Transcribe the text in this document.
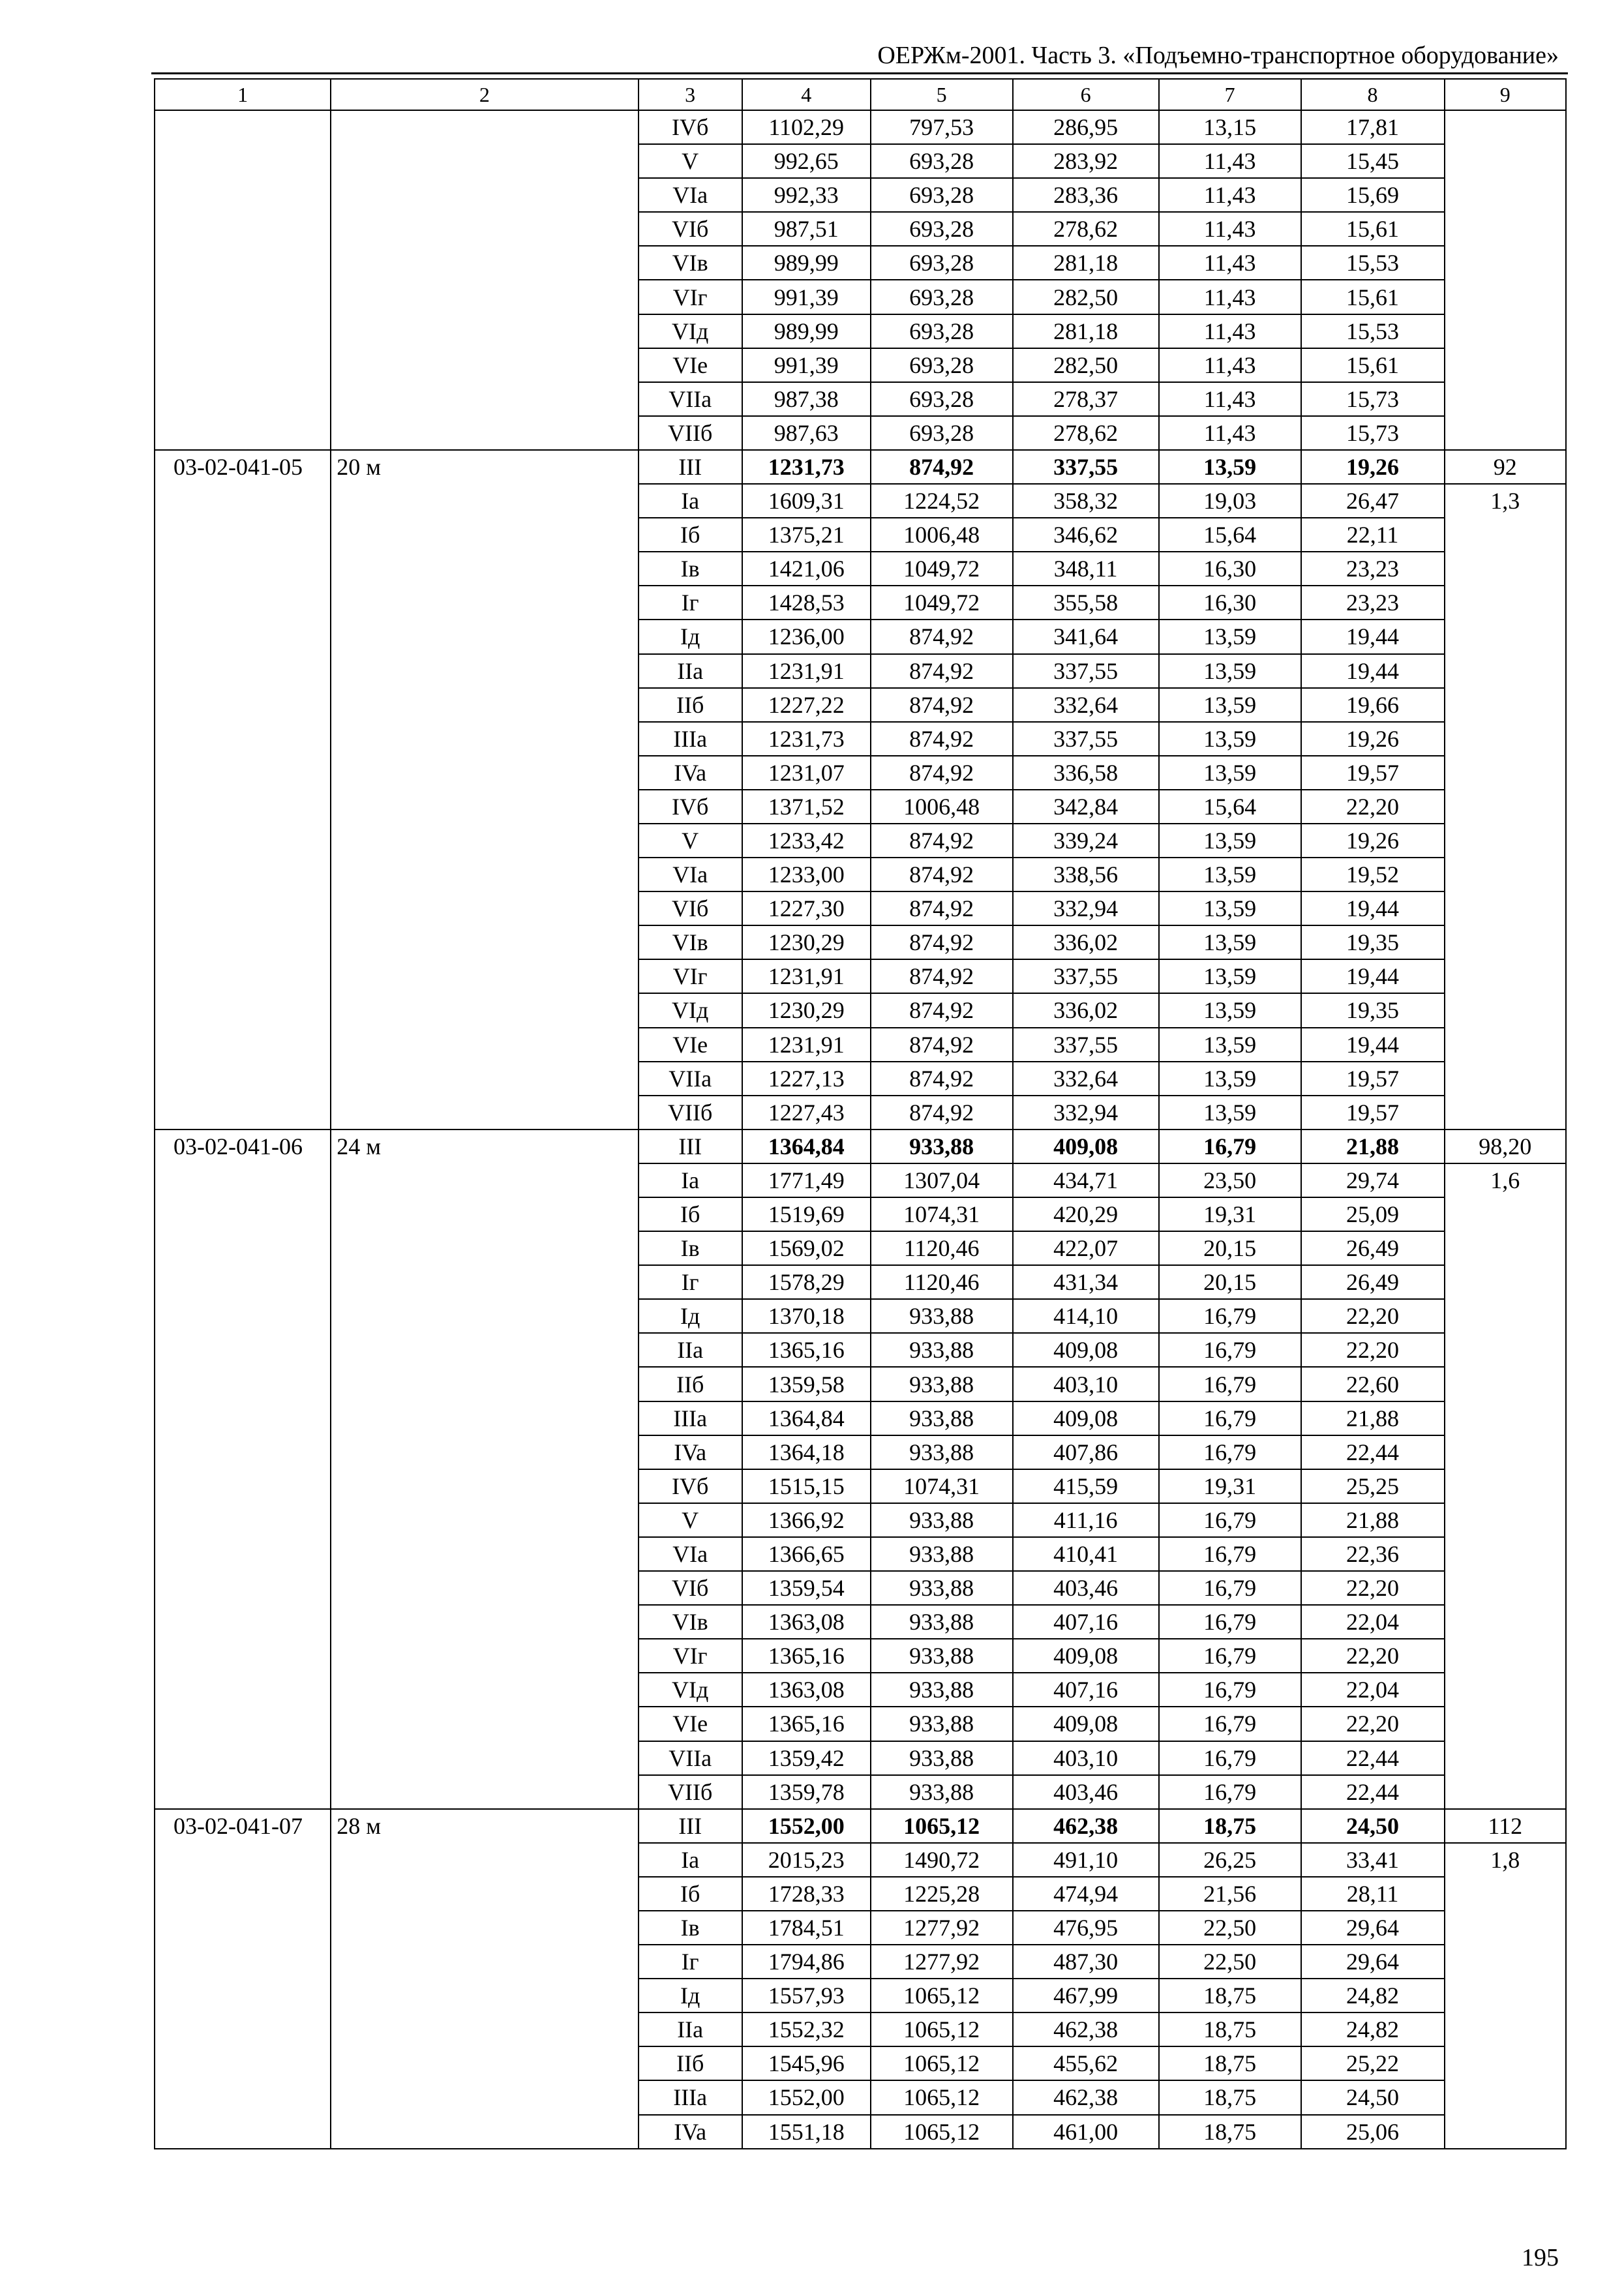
ОЕРЖм-2001. Часть 3. «Подъемно-транспортное оборудование»
1	2	3	4	5	6	7	8	9
		IVб	1102,29	797,53	286,95	13,15	17,81	
		V	992,65	693,28	283,92	11,43	15,45	
		VIa	992,33	693,28	283,36	11,43	15,69	
		VIб	987,51	693,28	278,62	11,43	15,61	
		VIв	989,99	693,28	281,18	11,43	15,53	
		VIг	991,39	693,28	282,50	11,43	15,61	
		VIд	989,99	693,28	281,18	11,43	15,53	
		VIe	991,39	693,28	282,50	11,43	15,61	
		VIIa	987,38	693,28	278,37	11,43	15,73	
		VIIб	987,63	693,28	278,62	11,43	15,73	
03-02-041-05	20 м	III	1231,73	874,92	337,55	13,59	19,26	92
		Ia	1609,31	1224,52	358,32	19,03	26,47	1,3
		Iб	1375,21	1006,48	346,62	15,64	22,11	
		Iв	1421,06	1049,72	348,11	16,30	23,23	
		Iг	1428,53	1049,72	355,58	16,30	23,23	
		Iд	1236,00	874,92	341,64	13,59	19,44	
		IIa	1231,91	874,92	337,55	13,59	19,44	
		IIб	1227,22	874,92	332,64	13,59	19,66	
		IIIa	1231,73	874,92	337,55	13,59	19,26	
		IVa	1231,07	874,92	336,58	13,59	19,57	
		IVб	1371,52	1006,48	342,84	15,64	22,20	
		V	1233,42	874,92	339,24	13,59	19,26	
		VIa	1233,00	874,92	338,56	13,59	19,52	
		VIб	1227,30	874,92	332,94	13,59	19,44	
		VIв	1230,29	874,92	336,02	13,59	19,35	
		VIг	1231,91	874,92	337,55	13,59	19,44	
		VIд	1230,29	874,92	336,02	13,59	19,35	
		VIe	1231,91	874,92	337,55	13,59	19,44	
		VIIa	1227,13	874,92	332,64	13,59	19,57	
		VIIб	1227,43	874,92	332,94	13,59	19,57	
03-02-041-06	24 м	III	1364,84	933,88	409,08	16,79	21,88	98,20
		Ia	1771,49	1307,04	434,71	23,50	29,74	1,6
		Iб	1519,69	1074,31	420,29	19,31	25,09	
		Iв	1569,02	1120,46	422,07	20,15	26,49	
		Iг	1578,29	1120,46	431,34	20,15	26,49	
		Iд	1370,18	933,88	414,10	16,79	22,20	
		IIa	1365,16	933,88	409,08	16,79	22,20	
		IIб	1359,58	933,88	403,10	16,79	22,60	
		IIIa	1364,84	933,88	409,08	16,79	21,88	
		IVa	1364,18	933,88	407,86	16,79	22,44	
		IVб	1515,15	1074,31	415,59	19,31	25,25	
		V	1366,92	933,88	411,16	16,79	21,88	
		VIa	1366,65	933,88	410,41	16,79	22,36	
		VIб	1359,54	933,88	403,46	16,79	22,20	
		VIв	1363,08	933,88	407,16	16,79	22,04	
		VIг	1365,16	933,88	409,08	16,79	22,20	
		VIд	1363,08	933,88	407,16	16,79	22,04	
		VIe	1365,16	933,88	409,08	16,79	22,20	
		VIIa	1359,42	933,88	403,10	16,79	22,44	
		VIIб	1359,78	933,88	403,46	16,79	22,44	
03-02-041-07	28 м	III	1552,00	1065,12	462,38	18,75	24,50	112
		Ia	2015,23	1490,72	491,10	26,25	33,41	1,8
		Iб	1728,33	1225,28	474,94	21,56	28,11	
		Iв	1784,51	1277,92	476,95	22,50	29,64	
		Iг	1794,86	1277,92	487,30	22,50	29,64	
		Iд	1557,93	1065,12	467,99	18,75	24,82	
		IIa	1552,32	1065,12	462,38	18,75	24,82	
		IIб	1545,96	1065,12	455,62	18,75	25,22	
		IIIa	1552,00	1065,12	462,38	18,75	24,50	
		IVa	1551,18	1065,12	461,00	18,75	25,06	
195
